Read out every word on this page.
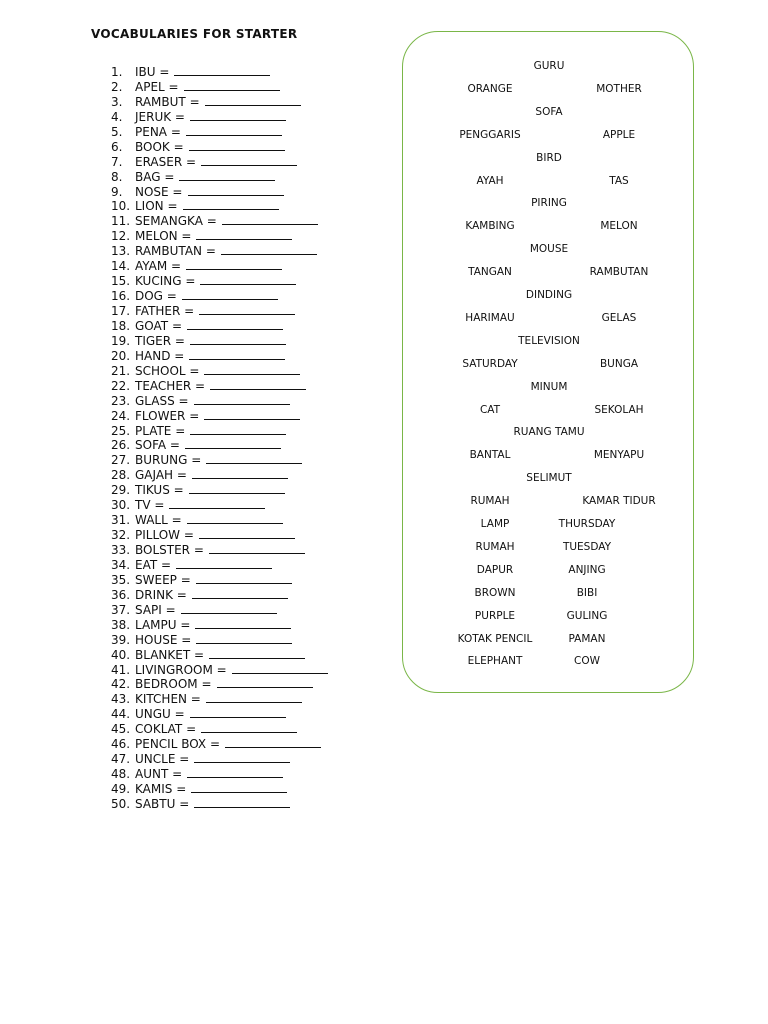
VOCABULARIES FOR STARTER
1. IBU =
2. APEL =
3. RAMBUT =
4. JERUK =
5. PENA =
6. BOOK =
7. ERASER =
8. BAG =
9. NOSE =
10. LION =
11. SEMANGKA =
12. MELON =
13. RAMBUTAN =
14. AYAM =
15. KUCING =
16. DOG =
17. FATHER =
18. GOAT =
19. TIGER =
20. HAND =
21. SCHOOL =
22. TEACHER =
23. GLASS =
24. FLOWER =
25. PLATE =
26. SOFA =
27. BURUNG =
28. GAJAH =
29. TIKUS =
30. TV =
31. WALL =
32. PILLOW =
33. BOLSTER =
34. EAT =
35. SWEEP =
36. DRINK =
37. SAPI =
38. LAMPU =
39. HOUSE =
40. BLANKET =
41. LIVINGROOM =
42. BEDROOM =
43. KITCHEN =
44. UNGU =
45. COKLAT =
46. PENCIL BOX =
47. UNCLE =
48. AUNT =
49. KAMIS =
50. SABTU =
GURU
ORANGE	MOTHER
SOFA
PENGGARIS	APPLE
BIRD
AYAH	TAS
PIRING
KAMBING	MELON
MOUSE
TANGAN	RAMBUTAN
DINDING
HARIMAU	GELAS
TELEVISION
SATURDAY	BUNGA
MINUM
CAT	SEKOLAH
RUANG TAMU
BANTAL	MENYAPU
SELIMUT
RUMAH	KAMAR TIDUR
LAMP	THURSDAY
RUMAH	TUESDAY
DAPUR	ANJING
BROWN	BIBI
PURPLE	GULING
KOTAK PENCIL	PAMAN
ELEPHANT	COW
